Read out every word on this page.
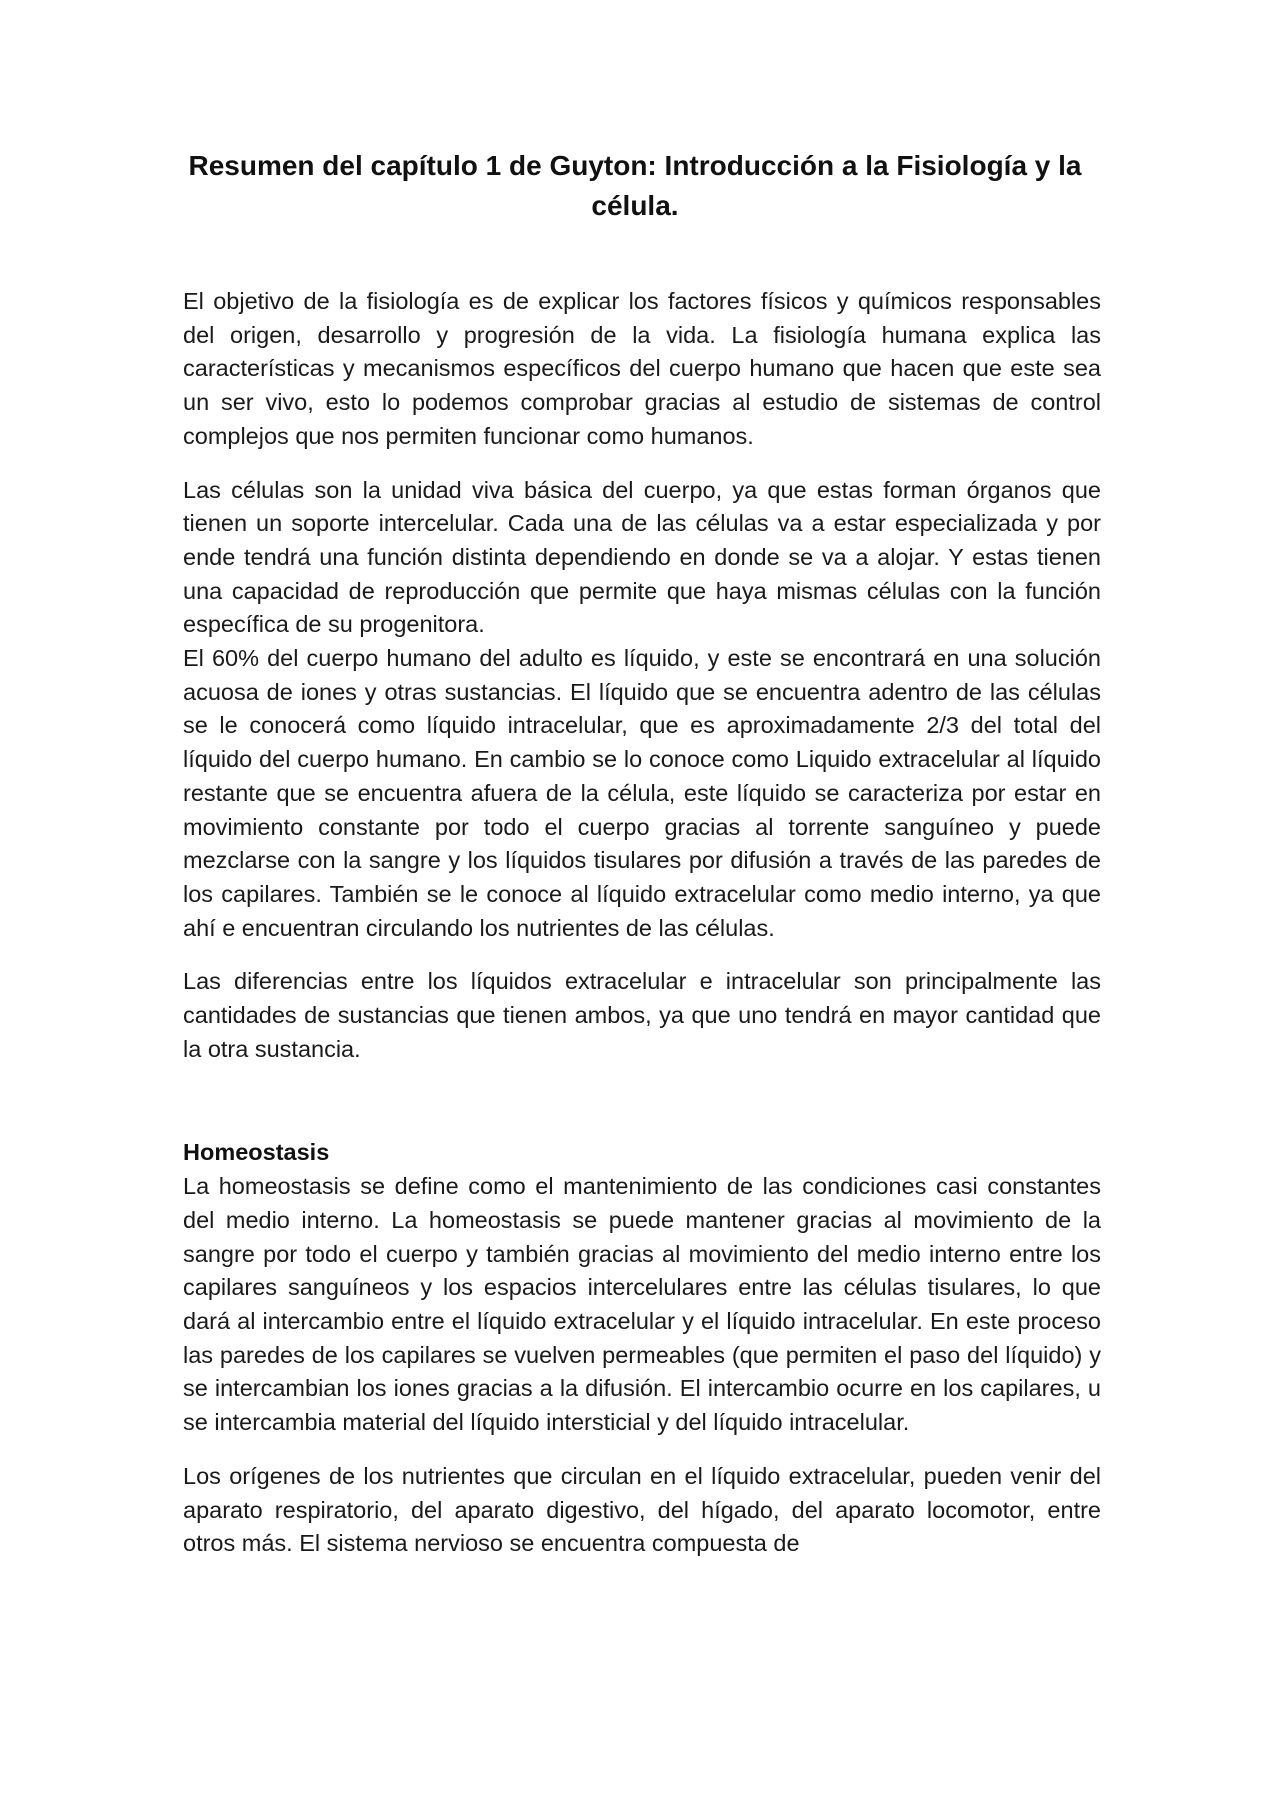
Resumen del capítulo 1 de Guyton: Introducción a la Fisiología y la célula.

El objetivo de la fisiología es de explicar los factores físicos y químicos responsables del origen, desarrollo y progresión de la vida. La fisiología humana explica las características y mecanismos específicos del cuerpo humano que hacen que este sea un ser vivo, esto lo podemos comprobar gracias al estudio de sistemas de control complejos que nos permiten funcionar como humanos.

Las células son la unidad viva básica del cuerpo, ya que estas forman órganos que tienen un soporte intercelular. Cada una de las células va a estar especializada y por ende tendrá una función distinta dependiendo en donde se va a alojar. Y estas tienen una capacidad de reproducción que permite que haya mismas células con la función específica de su progenitora.

El 60% del cuerpo humano del adulto es líquido, y este se encontrará en una solución acuosa de iones y otras sustancias. El líquido que se encuentra adentro de las células se le conocerá como líquido intracelular, que es aproximadamente 2/3 del total del líquido del cuerpo humano. En cambio se lo conoce como Liquido extracelular al líquido restante que se encuentra afuera de la célula, este líquido se caracteriza por estar en movimiento constante por todo el cuerpo gracias al torrente sanguíneo y puede mezclarse con la sangre y los líquidos tisulares por difusión a través de las paredes de los capilares. También se le conoce al líquido extracelular como medio interno, ya que ahí e encuentran circulando los nutrientes de las células.

Las diferencias entre los líquidos extracelular e intracelular son principalmente las cantidades de sustancias que tienen ambos, ya que uno tendrá en mayor cantidad que la otra sustancia.

Homeostasis

La homeostasis se define como el mantenimiento de las condiciones casi constantes del medio interno. La homeostasis se puede mantener gracias al movimiento de la sangre por todo el cuerpo y también gracias al movimiento del medio interno entre los capilares sanguíneos y los espacios intercelulares entre las células tisulares, lo que dará al intercambio entre el líquido extracelular y el líquido intracelular. En este proceso las paredes de los capilares se vuelven permeables (que permiten el paso del líquido) y se intercambian los iones gracias a la difusión. El intercambio ocurre en los capilares, u se intercambia material del líquido intersticial y del líquido intracelular.

Los orígenes de los nutrientes que circulan en el líquido extracelular, pueden venir del aparato respiratorio, del aparato digestivo, del hígado, del aparato locomotor, entre otros más. El sistema nervioso se encuentra compuesta de
